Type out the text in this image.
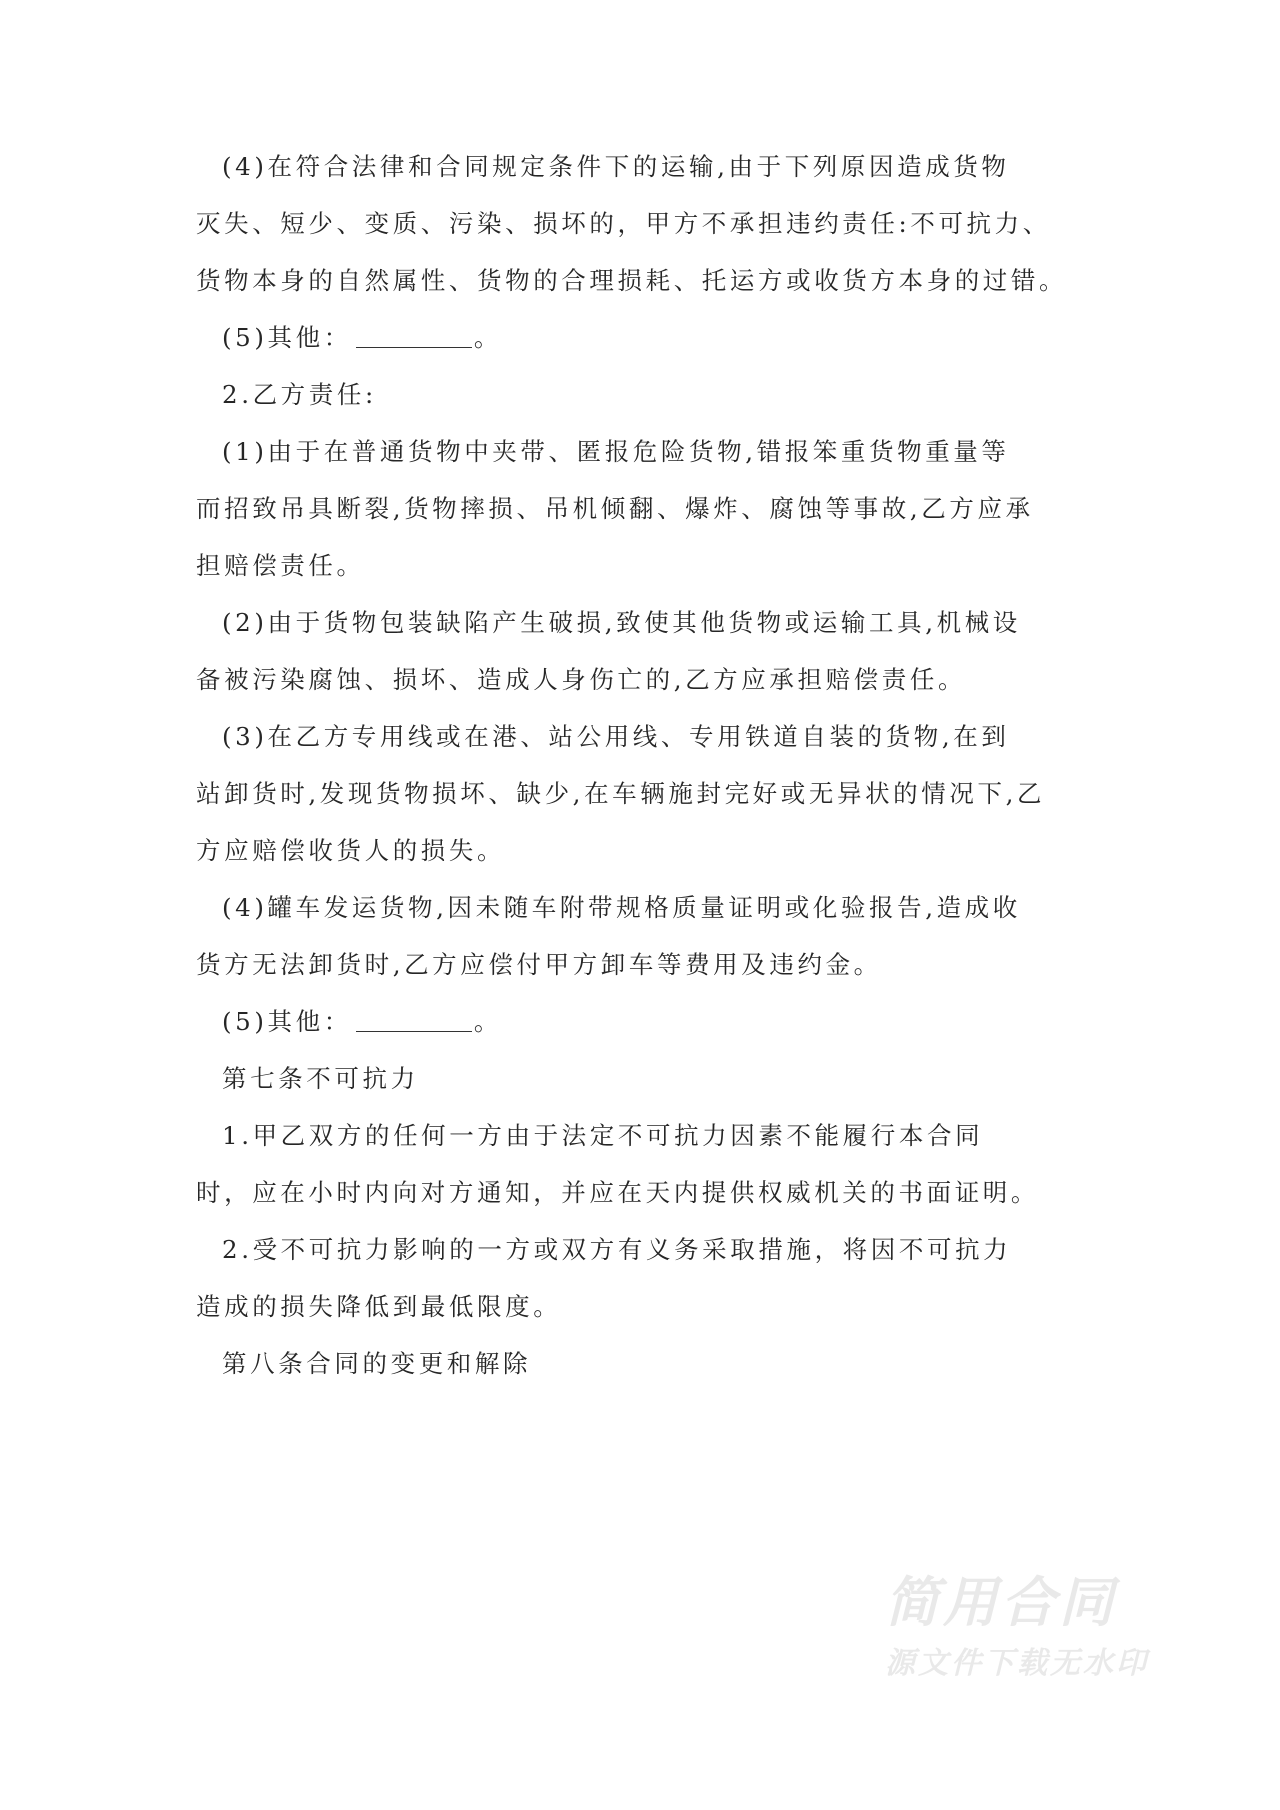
(4)在符合法律和合同规定条件下的运输,由于下列原因造成货物
灭失、短少、变质、污染、损坏的，甲方不承担违约责任:不可抗力、
货物本身的自然属性、货物的合理损耗、托运方或收货方本身的过错。
(5)其他：	。
2.乙方责任:
(1)由于在普通货物中夹带、匿报危险货物,错报笨重货物重量等
而招致吊具断裂,货物摔损、吊机倾翻、爆炸、腐蚀等事故,乙方应承
担赔偿责任。
(2)由于货物包装缺陷产生破损,致使其他货物或运输工具,机械设
备被污染腐蚀、损坏、造成人身伤亡的,乙方应承担赔偿责任。
(3)在乙方专用线或在港、站公用线、专用铁道自装的货物,在到
站卸货时,发现货物损坏、缺少,在车辆施封完好或无异状的情况下,乙
方应赔偿收货人的损失。
(4)罐车发运货物,因未随车附带规格质量证明或化验报告,造成收
货方无法卸货时,乙方应偿付甲方卸车等费用及违约金。
(5)其他：	。
第七条不可抗力
1.甲乙双方的任何一方由于法定不可抗力因素不能履行本合同
时，应在小时内向对方通知，并应在天内提供权威机关的书面证明。
2.受不可抗力影响的一方或双方有义务采取措施，将因不可抗力
造成的损失降低到最低限度。
第八条合同的变更和解除
简用合同
源文件下载无水印
